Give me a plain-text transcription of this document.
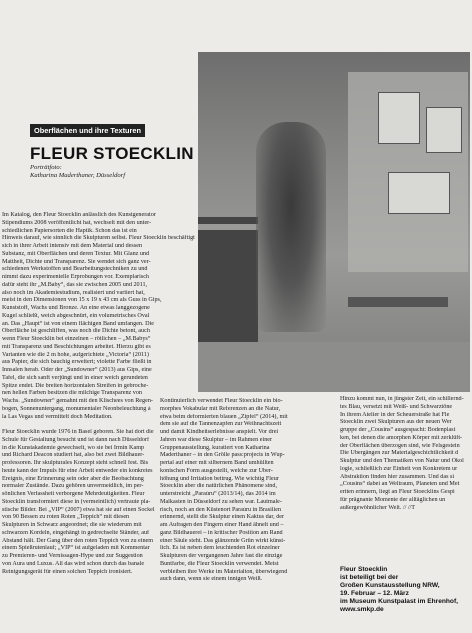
Oberflächen und ihre Texturen
FLEUR STOECKLIN
Porträtfoto:
Katharina Maderthaner, Düsseldorf
Im Katalog, den Fleur Stoecklin anlässlich des Kunstgenerator
Stipendiums 2008 veröffentlicht hat, wechselt mit den unter-
schiedlichen Papiersorten die Haptik. Schon das ist ein
Hinweis darauf, wie sinnlich die Skulpturen selbst. Fleur Stoecklin beschäftigt
sich in ihrer Arbeit intensiv mit dem Material und dessen
Substanz, mit Oberflächen und deren Textur. Mit Glanz und
Mattheit, Dichte und Transparenz. Sie wendet sich ganz ver-
schiedenen Werkstoffen und Bearbeitungstechniken zu und
nimmt dazu experimentelle Erprobungen vor. Exemplarisch
dafür steht ihr „M.Baby“, das sie zwischen 2005 und 2011,
also noch im Akademiestudium, realisiert und variiert hat,
meist in den Dimensionen von 15 x 19 x 43 cm als Guss in Gips,
Kunststoff, Wachs und Bronze. An eine etwas langgezogene
Kugel schließt, weich abgeschnürt, ein volumetrisches Oval
an. Das „Haupt“ ist von einem flächigen Band umfangen. Die
Oberfläche ist geschliffen, was noch die Dichte betont, auch
wenn Fleur Stoecklin bei einzelnen – rötlichen – „M.Babys“
mit Transparenz und Beschichtungen arbeitet. Hierzu gibt es
Varianten wie die 2 m hohe, aufgerichtete „Victoria“ (2011)
aus Papier, die sich bauchig erweitert; violette Farbe fließt in
Innsalen herab. Oder der „Sundowner“ (2013) aus Gips, eine
Tafel, die sich sanft verjüngt und in einer weich gerundeten
Spitze endet. Die breiten horizontalen Streifen in gebroche-
nen hellen Farben besitzen die milchige Transparenz von
Wachs. „Sundowner“ gemahnt mit den Klischees von Regen-
bogen, Sonnenuntergang, monumentaler Neonbeleuchtung à
la Las Vegas und vermittelt doch Meditation.
Fleur Stoecklin wurde 1976 in Basel geboren. Sie hat dort die
Schule für Gestaltung besucht und ist dann nach Düsseldorf
in die Kunstakademie gewechselt, wo sie bei Irmin Kamp
und Richard Deacon studiert hat, also bei zwei Bildhauer-
professoren. Ihr skulpturales Konzept steht schnell fest. Bis
heute kann der Impuls für eine Arbeit entweder ein konkretes
Ereignis, eine Erinnerung sein oder aber die Beobachtung
normaler Zustände. Dazu gehören unvermeidlich, im per-
sönlichen Verfassheit verborgene Mehrdeutigkeiten. Fleur
Stoecklin transformiert diese in (vermeintlich) vertraute pla-
stische Bilder. Bei „VIP“ (2007) etwa hat sie auf einen Sockel
von 90 Bessen zu roten Roten „Teppich“ mit diesen
Skulpturen in Schwarz angeordnet; die sie wiederum mit
schwarzen Kordeln, eingehängt in gedrechselte Ständer, auf
Abstand hält. Der Gang über den roten Teppich von zu einem
einem Spießrutenlauf; „VIP“ ist aufgeladen mit Kommentar
zu Premieren- und Vernissagen-Hype und zur Suggestion
von Aura und Luxus. All das wird schon durch das banale
Reinigungsgerät für einen solchen Teppich ironisiert.
Kontinuierlich verwendet Fleur Stoecklin ein bio-
morphes Vokabular mit Referenzen an die Natur,
etwa beim deformierten blauen „Zipfel“ (2014), mit
dem sie auf die Tannenzapfen zur Weihnachtszeit
und damit Kindheitserlebnisse anspielt. Vor drei
Jahren war diese Skulptur – im Rahmen einer
Gruppenausstellung, kuratiert von Katharina
Maderthaner – in den Grölle pass:projects in Wup-
pertal auf einer mit silbernem Band umhüllten
konischen Form ausgestellt, welche zur Über-
höhung und Irritation beitrug. Wie wichtig Fleur
Stoecklin aber die natürlichen Phänomene sind,
unterstreicht „Paraúru“ (2013/14), das 2014 im
Malkasten in Düsseldorf zu sehen war. Lautmale-
risch, noch an den Küstenort Paraúru in Brasilien
erinnernd, stellt die Skulptur einen Kaktus dar, der
am Aufragen den Fingern einer Hand ähnelt und –
ganz Bildhauerei – in kritischer Position am Rand
einer Säule steht. Das glänzende Grün wirkt künst-
lich. Es ist neben dem leuchtenden Rot einzelner
Skulpturen der vergangenen Jahre fast die einzige
Buntfarbe, die Fleur Stoecklin verwendet. Meist
verbleiben ihre Werke im Materialton, überwiegend
auch dann, wenn sie einem innigen Weiß.
Hinzu kommt nun, in jüngster Zeit, ein schillernd-
tes Blau, versetzt mit Weiß- und Schwarztöne
In ihrem Atelier in der Scheuerstraße hat Fle
Stoecklin zwei Skulpturen aus der neuen Wer
gruppe der „Cousins“ ausgespacht: Bodenplast
ken, bei denen die amorphen Körper mit zerklüft-
der Oberflächen überzogen sind, wie Felsgestein
Die Übergängen zur Materialgeschichtlichkeit d
Skulptur und den Thematiken von Natur und Ökol
logie, schließlich zur Einheit von Konkretem ur
Abstraktion finden hier zusammen. Und das si
„Cousins“ dabei an Weltraum, Planeten und Met
eriten erinnern, liegt an Fleur Stoecklins Gespi
für prägnante Momente der alltäglichen un
außergewöhnlicher Welt. // //T
Fleur Stoecklin
ist beteiligt bei der
Großen Kunstausstellung NRW,
19. Februar – 12. März
im Museum Kunstpalast im Ehrenhof,
www.smkp.de
